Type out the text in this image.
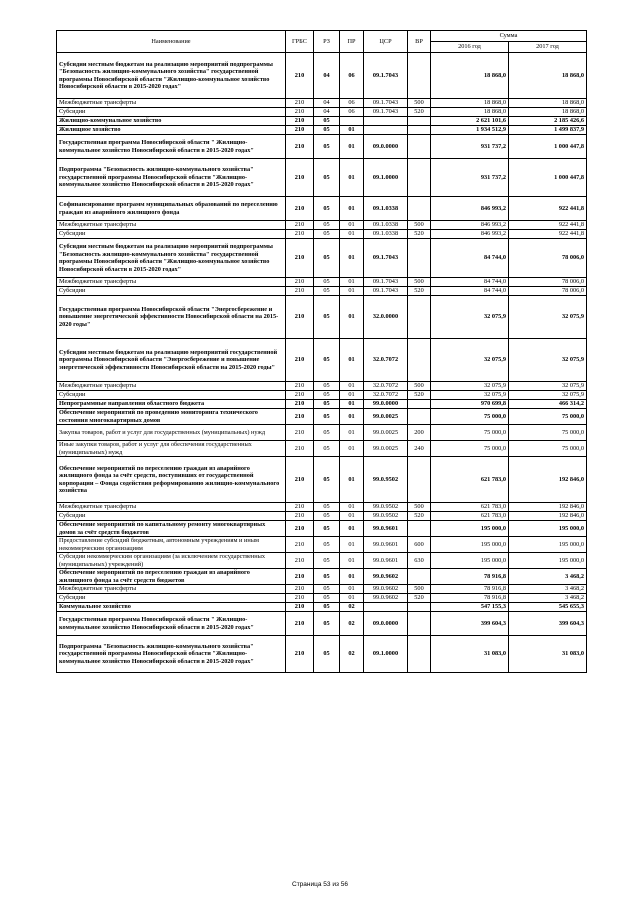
Наименование	ГРБС	РЗ	ПР	ЦСР	ВР	Сумма	
						2016 год	2017 год
Субсидии местным бюджетам на реализацию мероприятий подпрограммы "Безопасность жилищно-коммунального хозяйства" государственной программы Новосибирской области "Жилищно-коммунальное хозяйство Новосибирской области в 2015-2020 годах"	210	04	06	09.1.7043		18 868,0	18 868,0
Межбюджетные трансферты	210	04	06	09.1.7043	500	18 868,0	18 868,0
Субсидии	210	04	06	09.1.7043	520	18 868,0	18 868,0
Жилищно-коммунальное хозяйство	210	05				2 621 101,6	2 185 426,6
Жилищное хозяйство	210	05	01			1 934 512,9	1 499 837,9
Государственная программа Новосибирской области " Жилищно-коммунальное хозяйство Новосибирской области в 2015-2020 годах"	210	05	01	09.0.0000		931 737,2	1 000 447,8
Подпрограмма "Безопасность жилищно-коммунального хозяйства" государственной программы Новосибирской области "Жилищно-коммунальное хозяйство Новосибирской области в 2015-2020 годах"	210	05	01	09.1.0000		931 737,2	1 000 447,8
Софинансирование программ муниципальных образований по переселению граждан из аварийного жилищного фонда	210	05	01	09.1.0338		846 993,2	922 441,8
Межбюджетные трансферты	210	05	01	09.1.0338	500	846 993,2	922 441,8
Субсидии	210	05	01	09.1.0338	520	846 993,2	922 441,8
Субсидии местным бюджетам на реализацию мероприятий подпрограммы "Безопасность жилищно-коммунального хозяйства" государственной программы Новосибирской области "Жилищно-коммунальное хозяйство Новосибирской области в 2015-2020 годах"	210	05	01	09.1.7043		84 744,0	78 006,0
Межбюджетные трансферты	210	05	01	09.1.7043	500	84 744,0	78 006,0
Субсидии	210	05	01	09.1.7043	520	84 744,0	78 006,0
Государственная программа Новосибирской области "Энергосбережение и повышение энергетической эффективности Новосибирской области на 2015- 2020 годы"	210	05	01	32.0.0000		32 075,9	32 075,9
Субсидии местным бюджетам на реализацию мероприятий государственной программы Новосибирской области "Энергосбережение и повышение энергетической эффективности Новосибирской области на 2015-2020 годы"	210	05	01	32.0.7072		32 075,9	32 075,9
Межбюджетные трансферты	210	05	01	32.0.7072	500	32 075,9	32 075,9
Субсидии	210	05	01	32.0.7072	520	32 075,9	32 075,9
Непрограммные направления областного бюджета	210	05	01	99.0.0000		970 699,8	466 314,2
Обеспечение мероприятий по проведению мониторинга технического состояния многоквартирных домов	210	05	01	99.0.0025		75 000,0	75 000,0
Закупка товаров, работ и услуг для государственных (муниципальных) нужд	210	05	01	99.0.0025	200	75 000,0	75 000,0
Иные закупки товаров, работ и услуг для обеспечения государственных (муниципальных) нужд	210	05	01	99.0.0025	240	75 000,0	75 000,0
Обеспечение мероприятий по переселению граждан из аварийного жилищного фонда за счёт средств, поступивших от государственной корпорации – Фонда содействия реформированию жилищно-коммунального хозяйства	210	05	01	99.0.9502		621 783,0	192 846,0
Межбюджетные трансферты	210	05	01	99.0.9502	500	621 783,0	192 846,0
Субсидии	210	05	01	99.0.9502	520	621 783,0	192 846,0
Обеспечение мероприятий по капитальному ремонту многоквартирных домов за счёт средств бюджетов	210	05	01	99.0.9601		195 000,0	195 000,0
Предоставление субсидий бюджетным, автономным учреждениям и иным некоммерческим организациям	210	05	01	99.0.9601	600	195 000,0	195 000,0
Субсидии некоммерческим организациям (за исключением государственных (муниципальных) учреждений)	210	05	01	99.0.9601	630	195 000,0	195 000,0
Обеспечение мероприятий по переселению граждан из аварийного жилищного фонда за счёт средств бюджетов	210	05	01	99.0.9602		78 916,8	3 468,2
Межбюджетные трансферты	210	05	01	99.0.9602	500	78 916,8	3 468,2
Субсидии	210	05	01	99.0.9602	520	78 916,8	3 468,2
Коммунальное хозяйство	210	05	02			547 155,3	545 655,3
Государственная программа Новосибирской области " Жилищно-коммунальное хозяйство Новосибирской области в 2015-2020 годах"	210	05	02	09.0.0000		399 604,3	399 604,3
Подпрограмма "Безопасность жилищно-коммунального хозяйства" государственной программы Новосибирской области "Жилищно-коммунальное хозяйство Новосибирской области в 2015-2020 годах"	210	05	02	09.1.0000		31 083,0	31 083,0
Страница 53 из 56
